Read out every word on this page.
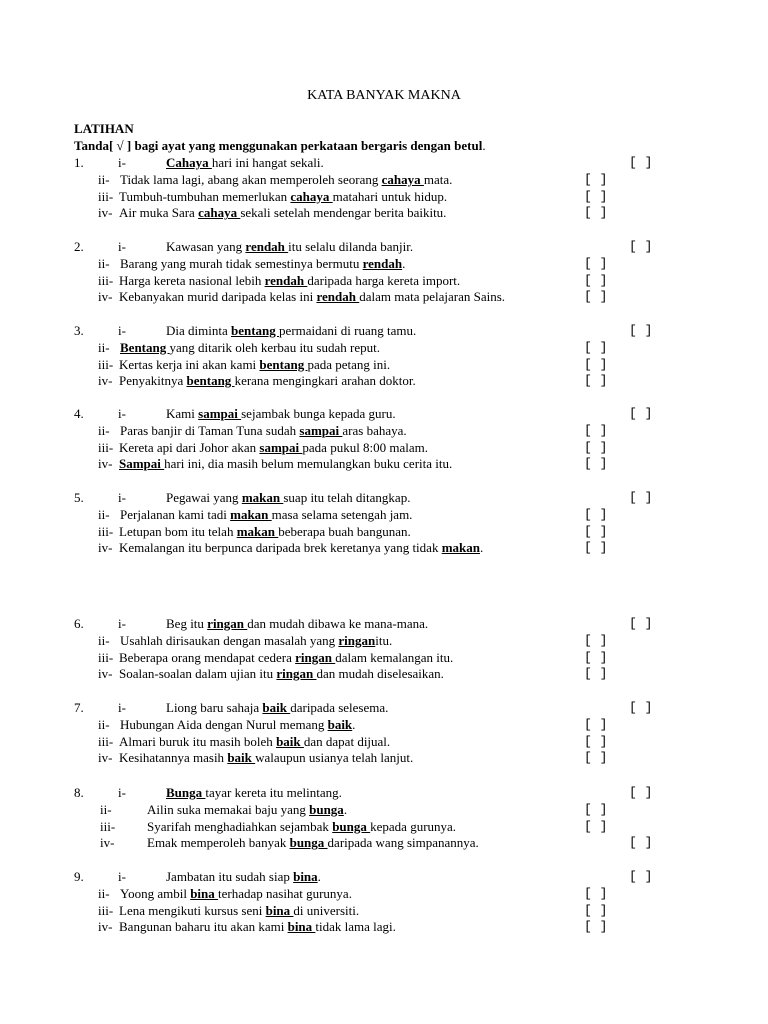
KATA BANYAK MAKNA
LATIHAN
Tanda[ √ ] bagi ayat yang menggunakan perkataan bergaris dengan betul.
1.	i-	Cahaya hari ini hangat sekali.	[ ]
ii- Tidak lama lagi, abang akan memperoleh seorang cahaya mata.	[ ]
iii- Tumbuh-tumbuhan memerlukan cahaya matahari untuk hidup.	[ ]
iv- Air muka Sara cahaya sekali setelah mendengar berita baikitu.	[ ]
2.	i-	Kawasan yang rendah itu selalu dilanda banjir.	[ ]
ii- Barang yang murah tidak semestinya bermutu rendah.	[ ]
iii- Harga kereta nasional lebih rendah daripada harga kereta import.	[ ]
iv- Kebanyakan murid daripada kelas ini rendah dalam mata pelajaran Sains.	[ ]
3.	i-	Dia diminta bentang permaidani di ruang tamu.	[ ]
ii- Bentang yang ditarik oleh kerbau itu sudah reput.	[ ]
iii- Kertas kerja ini akan kami bentang pada petang ini.	[ ]
iv- Penyakitnya bentang kerana mengingkari arahan doktor.	[ ]
4.	i-	Kami sampai sejambak bunga kepada guru.	[ ]
ii- Paras banjir di Taman Tuna sudah sampai aras bahaya.	[ ]
iii- Kereta api dari Johor akan sampai pada pukul 8:00 malam.	[ ]
iv- Sampai hari ini, dia masih belum memulangkan buku cerita itu.	[ ]
5.	i-	Pegawai yang makan suap itu telah ditangkap.	[ ]
ii- Perjalanan kami tadi makan masa selama setengah jam.	[ ]
iii- Letupan bom itu telah makan beberapa buah bangunan.	[ ]
iv- Kemalangan itu berpunca daripada brek keretanya yang tidak makan.	[ ]
6.	i-	Beg itu ringan dan mudah dibawa ke mana-mana.	[ ]
ii- Usahlah dirisaukan dengan masalah yang ringanitu.	[ ]
iii- Beberapa orang mendapat cedera ringan dalam kemalangan itu.	[ ]
iv- Soalan-soalan dalam ujian itu ringan dan mudah diselesaikan.	[ ]
7.	i-	Liong baru sahaja baik daripada selesema.	[ ]
ii- Hubungan Aida dengan Nurul memang baik.	[ ]
iii- Almari buruk itu masih boleh baik dan dapat dijual.	[ ]
iv- Kesihatannya masih baik walaupun usianya telah lanjut.	[ ]
8.	i-	Bunga tayar kereta itu melintang.	[ ]
ii-	Ailin suka memakai baju yang bunga.	[ ]
iii- Syarifah menghadiahkan sejambak bunga kepada gurunya.	[ ]
iv-	Emak memperoleh banyak bunga daripada wang simpanannya.	[ ]
9.	i-	Jambatan itu sudah siap bina.	[ ]
ii- Yoong ambil bina terhadap nasihat gurunya.	[ ]
iii- Lena mengikuti kursus seni bina di universiti.	[ ]
iv- Bangunan baharu itu akan kami bina tidak lama lagi.	[ ]
